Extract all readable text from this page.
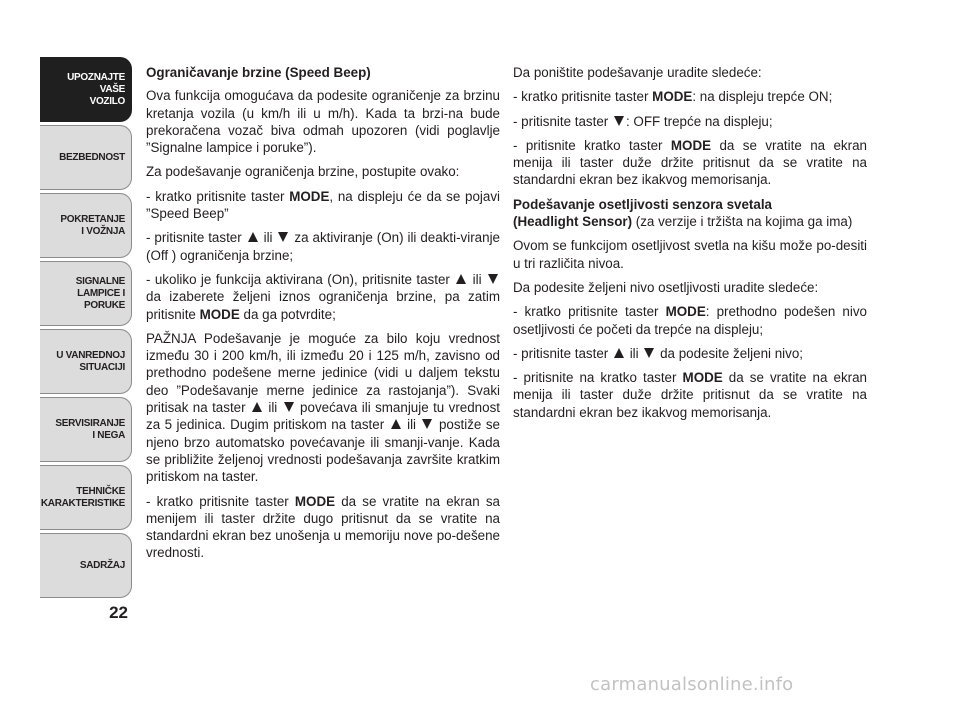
UPOZNAJTE
VAŠE
VOZILO
BEZBEDNOST
POKRETANJE
I VOŽNJA
SIGNALNE
LAMPICE I PORUKE
U VANREDNOJ
SITUACIJI
SERVISIRANJE
I NEGA
TEHNIČKE
KARAKTERISTIKE
SADRŽAJ
22

Ograničavanje brzine (Speed Beep)

Ova funkcija omogućava da podesite ograničenje za brzinu kretanja vozila (u km/h ili u m/h). Kada ta brzi-na bude prekoračena vozač biva odmah upozoren (vidi poglavlje ”Signalne lampice i poruke”).

Za podešavanje ograničenja brzine, postupite ovako:

- kratko pritisnite taster MODE, na displeju će da se pojavi ”Speed Beep”

- pritisnite taster  ili  za aktiviranje (On) ili deakti-viranje (Off ) ograničenja brzine;

- ukoliko je funkcija aktivirana (On), pritisnite taster  ili  da izaberete željeni iznos ograničenja brzine, pa zatim pritisnite MODE da ga potvrdite;

PAŽNJA Podešavanje je moguće za bilo koju vrednost između 30 i 200 km/h, ili između 20 i 125 m/h, zavisno od prethodno podešene merne jedinice (vidi u daljem tekstu deo ”Podešavanje merne jedinice za rastojanja”). Svaki pritisak na taster  ili  povećava ili smanjuje tu vrednost za 5 jedinica. Dugim pritiskom na taster  ili  postiže se njeno brzo automatsko povećavanje ili smanji-vanje. Kada se približite željenoj vrednosti podešavanja završite kratkim pritiskom na taster.

- kratko pritisnite taster MODE da se vratite na ekran sa menijem ili taster držite dugo pritisnut da se vratite na standardni ekran bez unošenja u memoriju nove po-dešene vrednosti.

Da poništite podešavanje uradite sledeće:

- kratko pritisnite taster MODE: na displeju trepće ON;

- pritisnite taster : OFF trepće na displeju;

- pritisnite kratko taster MODE da se vratite na ekran menija ili taster duže držite pritisnut da se vratite na standardni ekran bez ikakvog memorisanja.

Podešavanje osetljivosti senzora svetala
(Headlight Sensor) (za verzije i tržišta na kojima ga ima)

Ovom se funkcijom osetljivost svetla na kišu može po-desiti u tri različita nivoa.

Da podesite željeni nivo osetljivosti uradite sledeće:

- kratko pritisnite taster MODE: prethodno podešen nivo osetljivosti će početi da trepće na displeju;

- pritisnite taster  ili  da podesite željeni nivo;

- pritisnite na kratko taster MODE da se vratite na ekran menija ili taster duže držite pritisnut da se vratite na standardni ekran bez ikakvog memorisanja.

carmanualsonline.info
